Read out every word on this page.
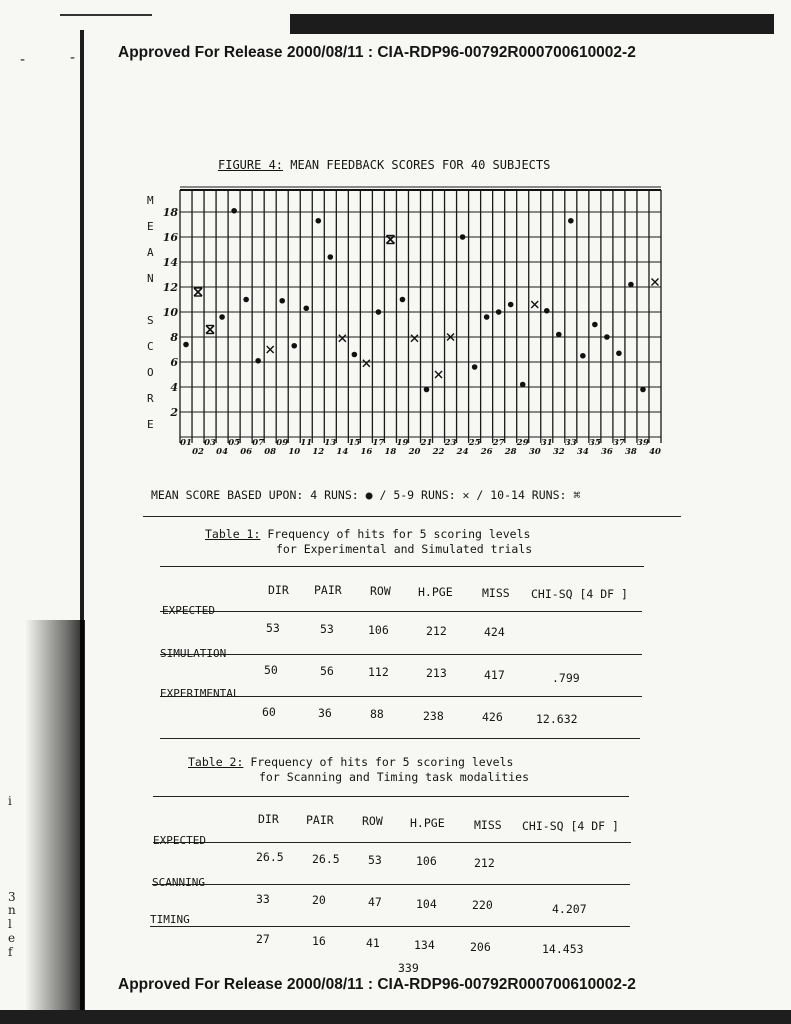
-	-
i
3
n
l
e
f
Approved For Release 2000/08/11 : CIA-RDP96-00792R000700610002-2
FIGURE 4: MEAN FEEDBACK SCORES FOR 40 SUBJECTS
M
E
A
N
S
C
O
R
E
2
4
6
8
10
12
14
16
18
01
02
03
04
05
06
07
08
09
10
11
12
13
14
15
16
17
18
19
20
21
22
23
24
25
26
27
28
29
30
31
32
33
34
35
36
37
38
39
40
MEAN SCORE BASED UPON: 4 RUNS: ● / 5-9 RUNS: ✕ / 10-14 RUNS: ⌘
Table 1: Frequency of hits for 5 scoring levels
for Experimental and Simulated trials
DIR PAIR ROW H.PGE	MISS CHI-SQ [4 DF ]
EXPECTED
53	53	106	212	424
SIMULATION
50	56	112	213	417	.799
EXPERIMENTAL
60	36	88	238	426	12.632
Table 2: Frequency of hits for 5 scoring levels
for Scanning and Timing task modalities
DIR PAIR ROW H.PGE	MISS CHI-SQ [4 DF ]
EXPECTED
26.5 26.5 53	106	212
SCANNING
33	20	47	104	220	4.207
TIMING
27	16	41	134	206	14.453
339
Approved For Release 2000/08/11 : CIA-RDP96-00792R000700610002-2
